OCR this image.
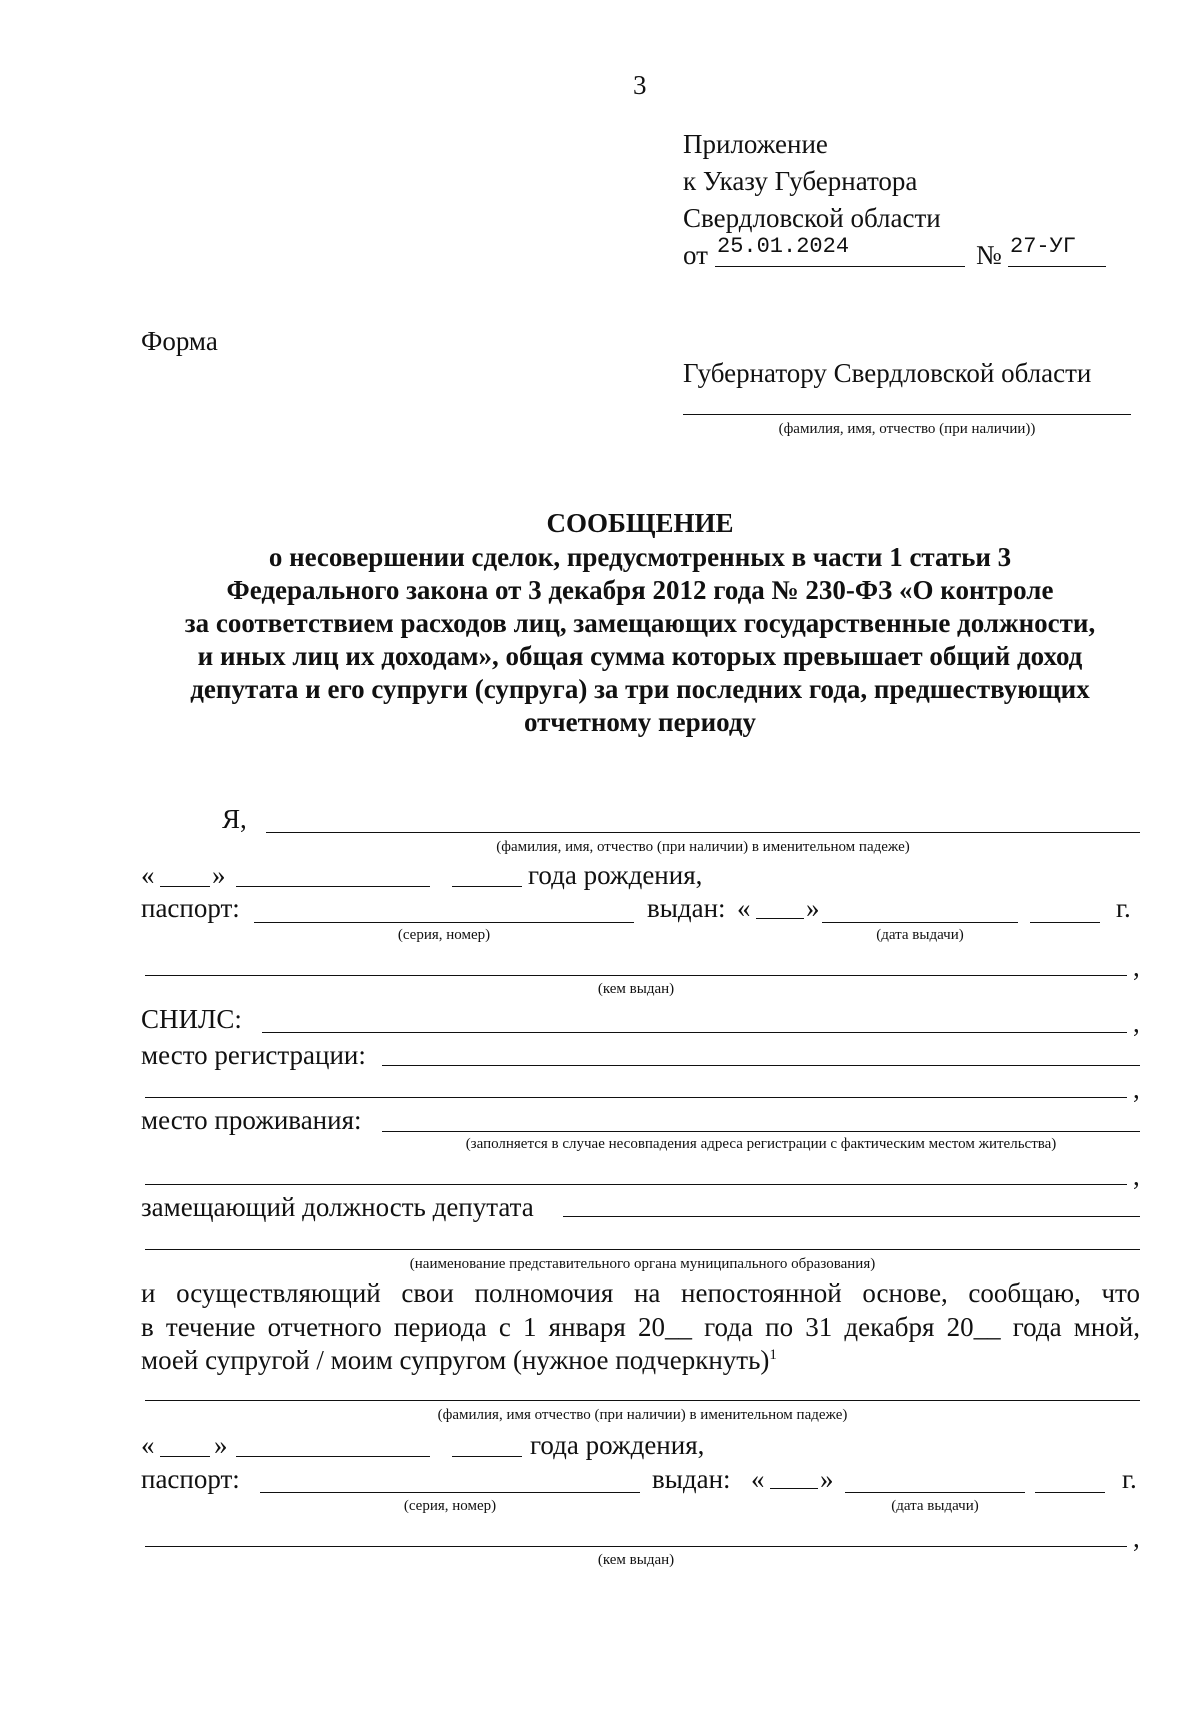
3
Приложение
к Указу Губернатора
Свердловской области
от 25.01.2024	№ 27-УГ
Форма
Губернатору Свердловской области
(фамилия, имя, отчество (при наличии))
СООБЩЕНИЕ
о несовершении сделок, предусмотренных в части 1 статьи 3
Федерального закона от 3 декабря 2012 года № 230-ФЗ «О контроле
за соответствием расходов лиц, замещающих государственные должности,
и иных лиц их доходам», общая сумма которых превышает общий доход
депутата и его супруги (супруга) за три последних года, предшествующих
отчетному периоду
Я,
(фамилия, имя, отчество (при наличии) в именительном падеже)
« »	года рождения,
паспорт:
(серия, номер)
выдан: « »	г.
(дата выдачи)
,
(кем выдан)
СНИЛС:	,
место регистрации:
,
место проживания:
(заполняется в случае несовпадения адреса регистрации с фактическим местом жительства)
,
замещающий должность депутата
(наименование представительного органа муниципального образования)
и осуществляющий свои полномочия на непостоянной основе, сообщаю, что
в течение отчетного периода с 1 января 20__ года по 31 декабря 20__ года мной,
моей супругой / моим супругом (нужное подчеркнуть)$^1$
(фамилия, имя отчество (при наличии) в именительном падеже)
« »	года рождения,
паспорт:
(серия, номер)
выдан: « »	г.
(дата выдачи)
,
(кем выдан)
